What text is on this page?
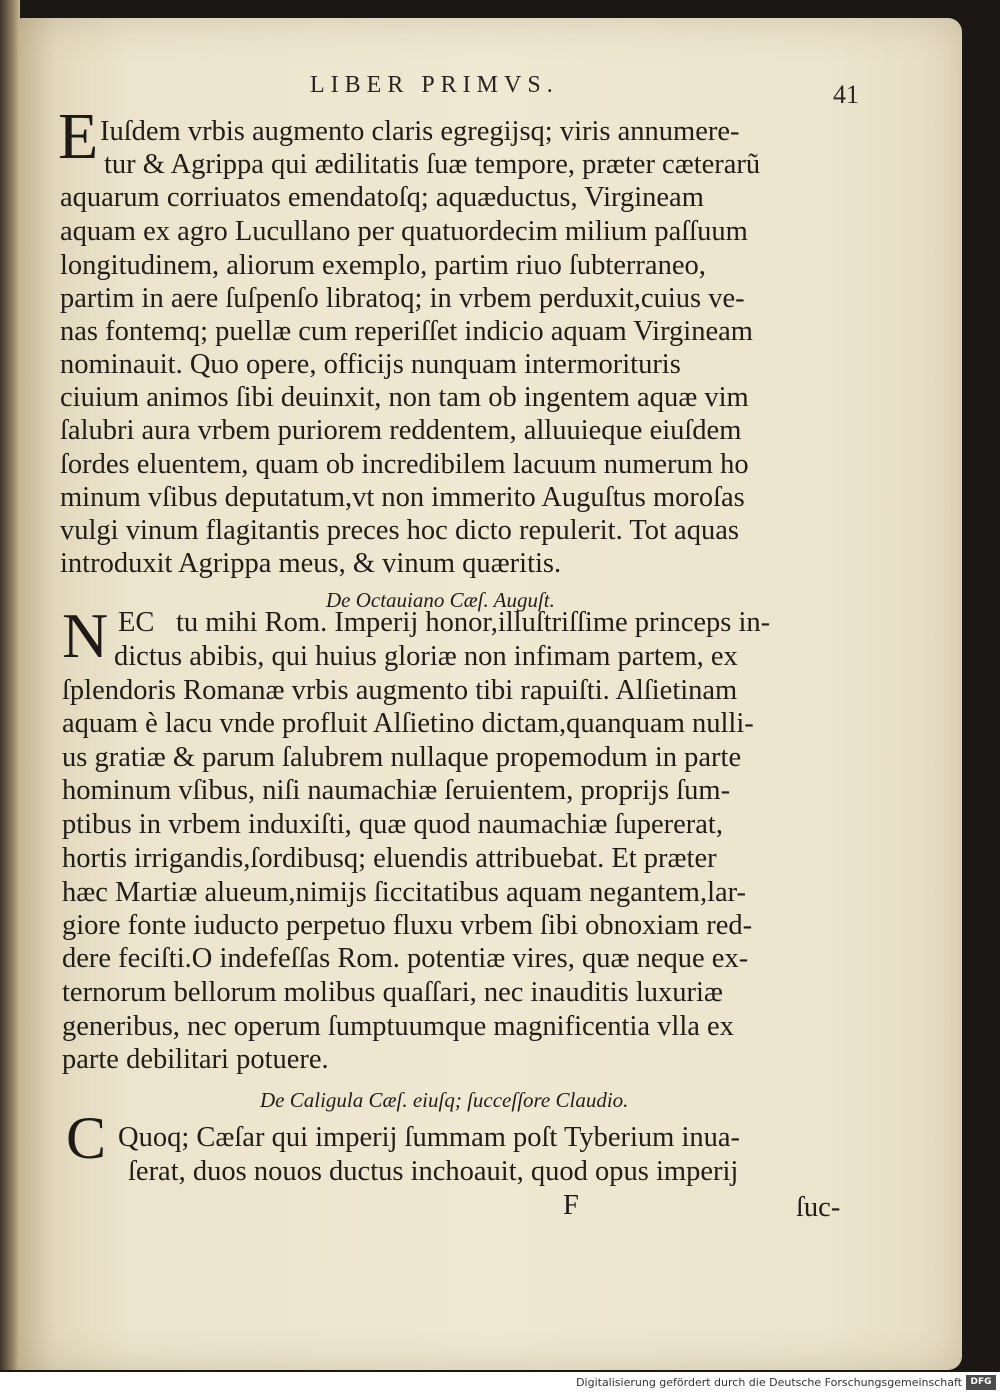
LIBER PRIMVS.	41
E Iuſdem vrbis augmento claris egregijsq; viris annumere-
tur & Agrippa qui ædilitatis ſuæ tempore, præter cæterarũ
aquarum corriuatos emendatoſq; aquæductus, Virgineam
aquam ex agro Lucullano per quatuordecim milium paſſuum
longitudinem, aliorum exemplo, partim riuo ſubterraneo,
partim in aere ſuſpenſo libratoq; in vrbem perduxit,cuius ve-
nas fontemq; puellæ cum reperiſſet indicio aquam Virgineam
nominauit. Quo opere, officijs nunquam intermorituris
ciuium animos ſibi deuinxit, non tam ob ingentem aquæ vim
ſalubri aura vrbem puriorem reddentem, alluuieque eiuſdem
ſordes eluentem, quam ob incredibilem lacuum numerum ho
minum vſibus deputatum,vt non immerito Auguſtus moroſas
vulgi vinum flagitantis preces hoc dicto repulerit. Tot aquas
introduxit Agrippa meus, & vinum quæritis.
De Octauiano Cæſ. Auguſt.
N EC tu mihi Rom. Imperij honor,illuſtriſſime princeps in-
dictus abibis, qui huius gloriæ non infimam partem, ex
ſplendoris Romanæ vrbis augmento tibi rapuiſti. Alſietinam
aquam è lacu vnde profluit Alſietino dictam,quanquam nulli-
us gratiæ & parum ſalubrem nullaque propemodum in parte
hominum vſibus, niſi naumachiæ ſeruientem, proprijs ſum-
ptibus in vrbem induxiſti, quæ quod naumachiæ ſupererat,
hortis irrigandis,ſordibusq; eluendis attribuebat. Et præter
hæc Martiæ alueum,nimijs ſiccitatibus aquam negantem,lar-
giore fonte iuducto perpetuo fluxu vrbem ſibi obnoxiam red-
dere feciſti.O indefeſſas Rom. potentiæ vires, quæ neque ex-
ternorum bellorum molibus quaſſari, nec inauditis luxuriæ
generibus, nec operum ſumptuumque magnificentia vlla ex
parte debilitari potuere.
De Caligula Cæſ. eiuſq; ſucceſſore Claudio.
C Quoq; Cæſar qui imperij ſummam poſt Tyberium inua-
ſerat, duos nouos ductus inchoauit, quod opus imperij
F	ſuc-
Digitalisierung gefördert durch die Deutsche Forschungsgemeinschaft DFG
